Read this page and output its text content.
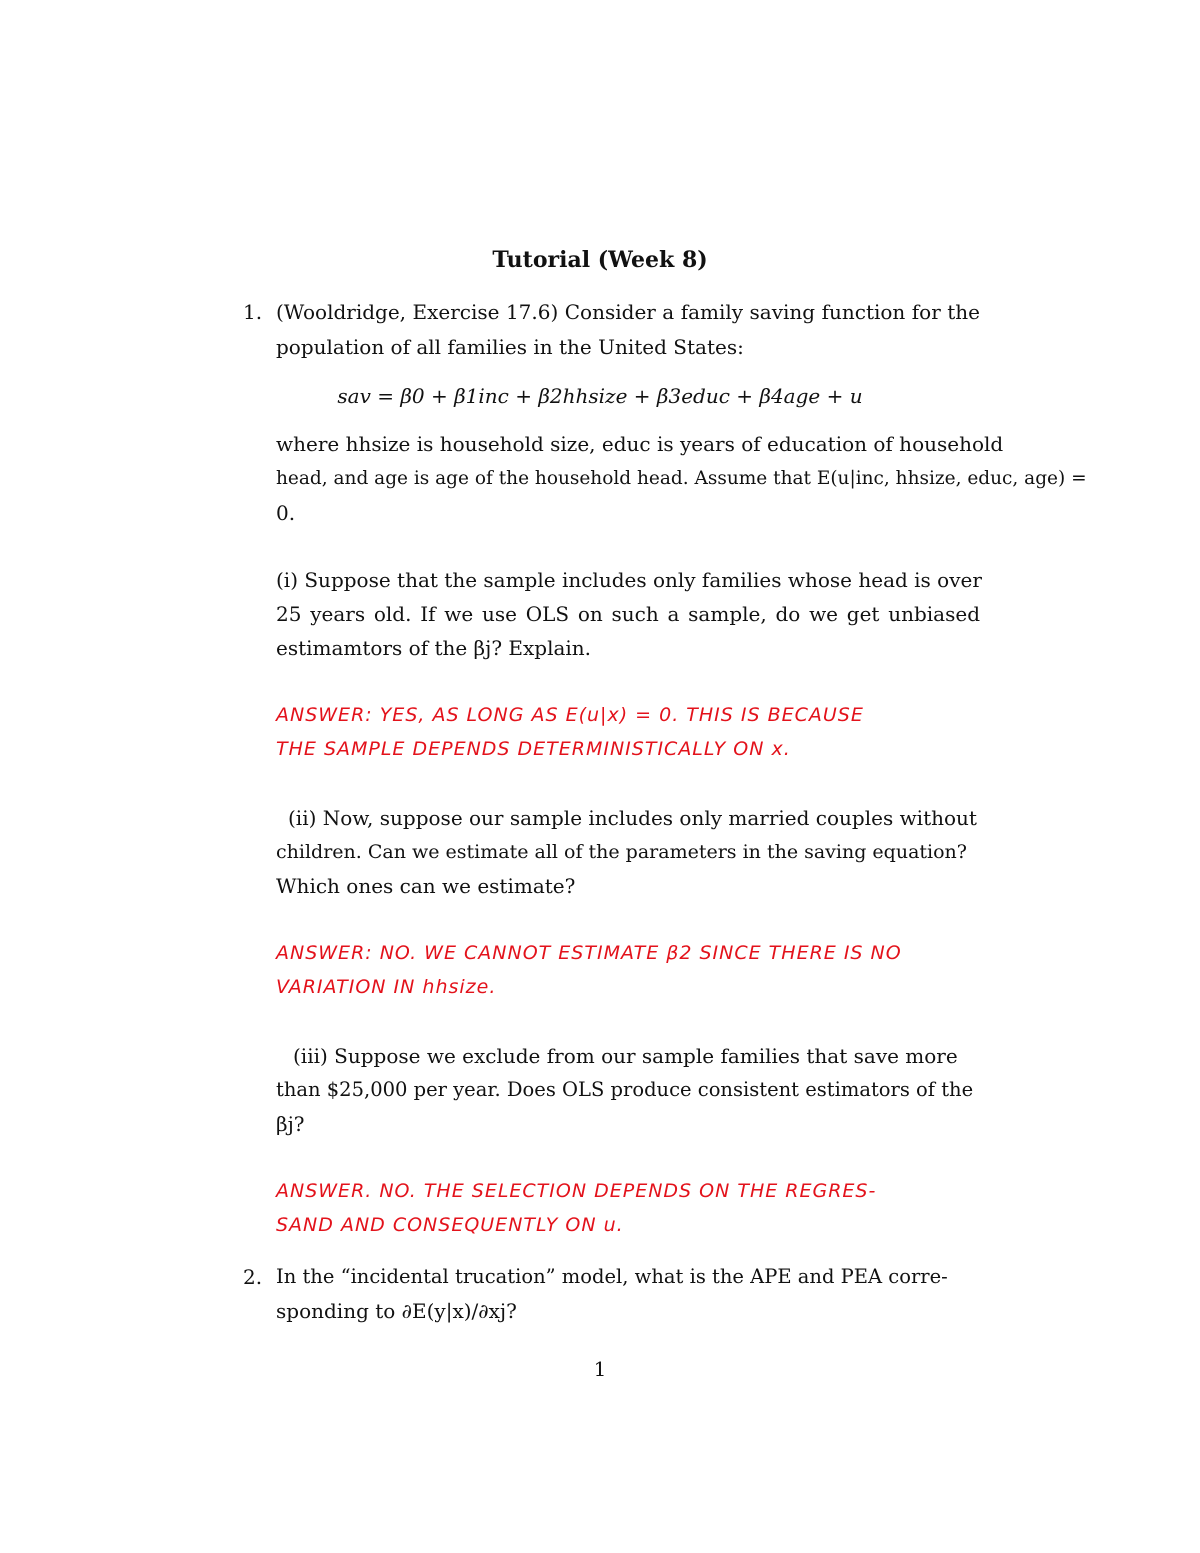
Tutorial (Week 8)
1. (Wooldridge, Exercise 17.6) Consider a family saving function for the
population of all families in the United States:
sav = β0 + β1inc + β2hhsize + β3educ + β4age + u
where hhsize is household size, educ is years of education of household
head, and age is age of the household head. Assume that E(u|inc, hhsize, educ, age) =
0.
(i) Suppose that the sample includes only families whose head is over
25 years old. If we use OLS on such a sample, do we get unbiased
estimamtors of the βj? Explain.
ANSWER: YES, AS LONG AS E(u|x) = 0. THIS IS BECAUSE
THE SAMPLE DEPENDS DETERMINISTICALLY ON x.
(ii) Now, suppose our sample includes only married couples without
children. Can we estimate all of the parameters in the saving equation?
Which ones can we estimate?
ANSWER: NO. WE CANNOT ESTIMATE β2 SINCE THERE IS NO
VARIATION IN hhsize.
(iii) Suppose we exclude from our sample families that save more
than $25,000 per year. Does OLS produce consistent estimators of the
βj?
ANSWER. NO. THE SELECTION DEPENDS ON THE REGRES-
SAND AND CONSEQUENTLY ON u.
2. In the “incidental trucation” model, what is the APE and PEA corre-
sponding to ∂E(y|x)/∂xj?
1
